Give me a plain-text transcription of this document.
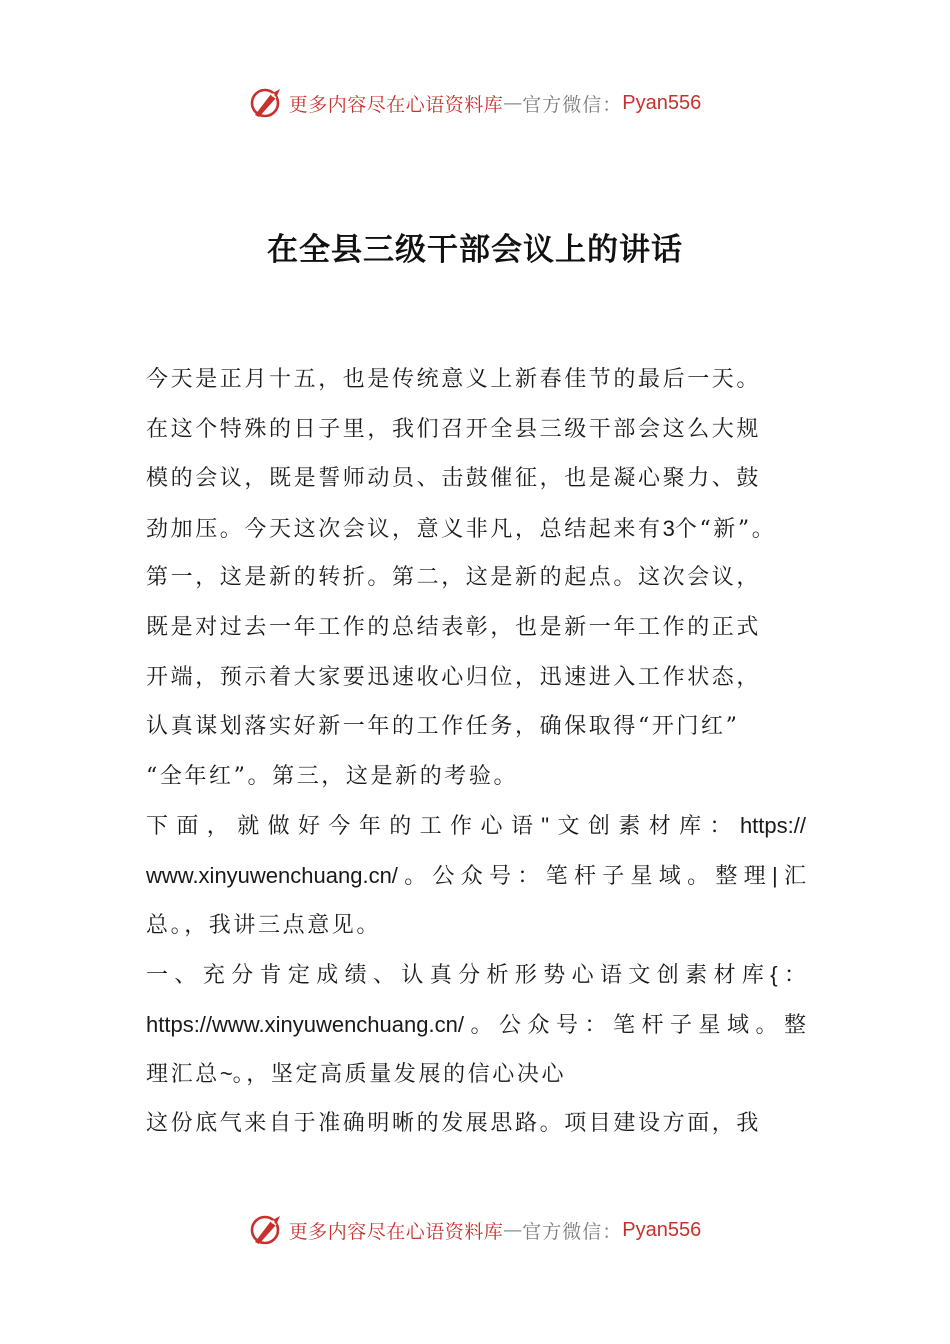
更多内容尽在心语资料库 — 官方微信： Pyan556
在全县三级干部会议上的讲话
今天是正月十五，也是传统意义上新春佳节的最后一天。
在这个特殊的日子里，我们召开全县三级干部会这么大规
模的会议，既是誓师动员、击鼓催征，也是凝心聚力、鼓
劲加压。今天这次会议，意义非凡，总结起来有3个“新”。
第一，这是新的转折。第二，这是新的起点。这次会议，
既是对过去一年工作的总结表彰，也是新一年工作的正式
开端，预示着大家要迅速收心归位，迅速进入工作状态，
认真谋划落实好新一年的工作任务，确保取得“开门红”
“全年红”。第三，这是新的考验。
下面，就做好今年的工作心语"文创素材库：https://
www.xinyuwenchuang.cn/。公众号：笔杆子星域。整理|汇
总。，我讲三点意见。
一、充分肯定成绩、认真分析形势心语文创素材库{：
https://www.xinyuwenchuang.cn/。公众号：笔杆子星域。整
理汇总~。，坚定高质量发展的信心决心
这份底气来自于准确明晰的发展思路。项目建设方面，我
更多内容尽在心语资料库 — 官方微信： Pyan556
